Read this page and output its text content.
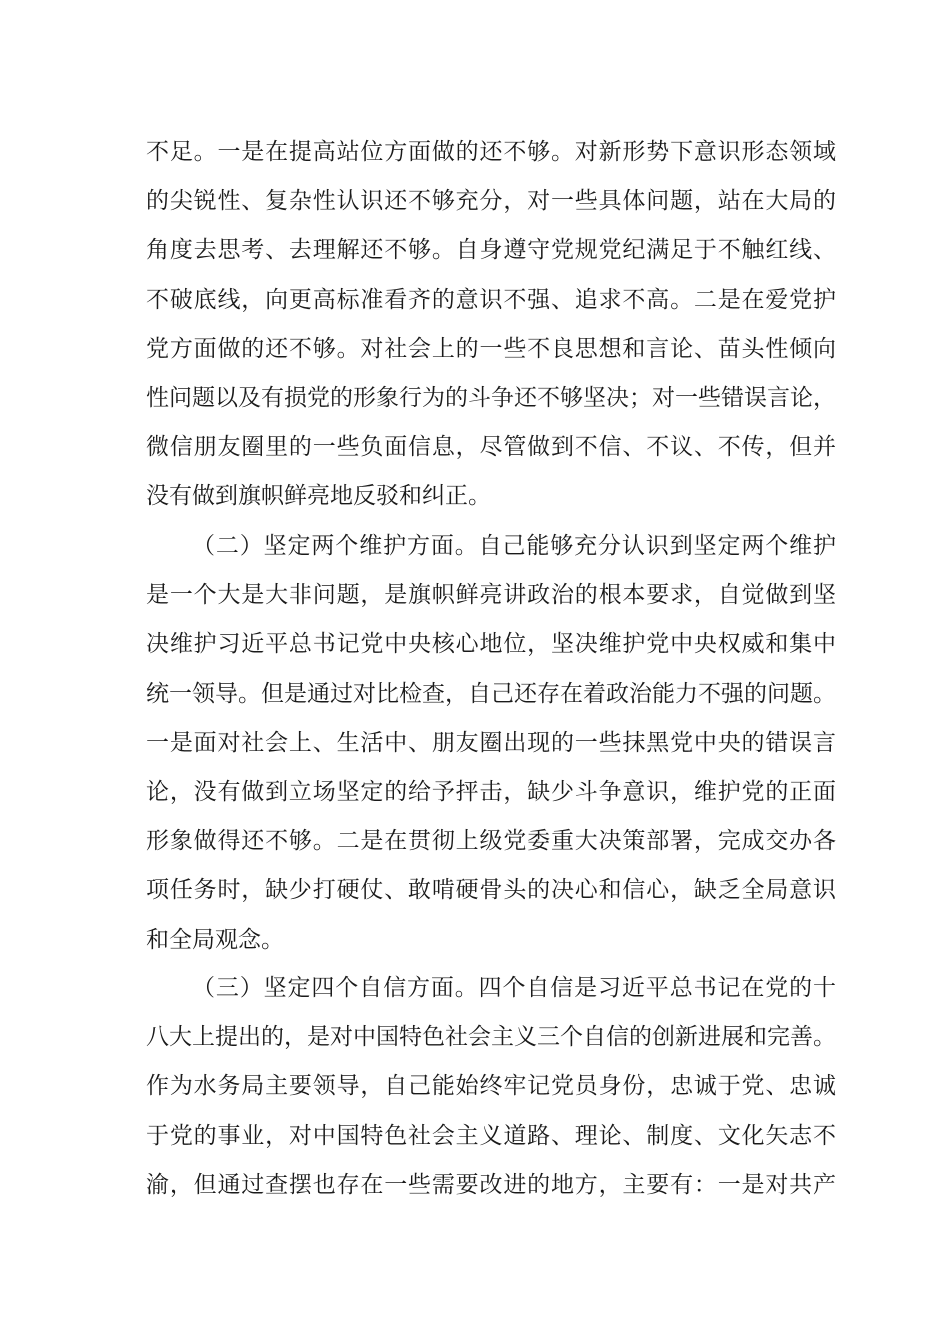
不足。一是在提高站位方面做的还不够。对新形势下意识形态领域
的尖锐性、复杂性认识还不够充分，对一些具体问题，站在大局的
角度去思考、去理解还不够。自身遵守党规党纪满足于不触红线、
不破底线，向更高标准看齐的意识不强、追求不高。二是在爱党护
党方面做的还不够。对社会上的一些不良思想和言论、苗头性倾向
性问题以及有损党的形象行为的斗争还不够坚决；对一些错误言论，
微信朋友圈里的一些负面信息，尽管做到不信、不议、不传，但并
没有做到旗帜鲜亮地反驳和纠正。
（二）坚定两个维护方面。自己能够充分认识到坚定两个维护
是一个大是大非问题，是旗帜鲜亮讲政治的根本要求，自觉做到坚
决维护习近平总书记党中央核心地位，坚决维护党中央权威和集中
统一领导。但是通过对比检查，自己还存在着政治能力不强的问题。
一是面对社会上、生活中、朋友圈出现的一些抹黑党中央的错误言
论，没有做到立场坚定的给予抨击，缺少斗争意识，维护党的正面
形象做得还不够。二是在贯彻上级党委重大决策部署，完成交办各
项任务时，缺少打硬仗、敢啃硬骨头的决心和信心，缺乏全局意识
和全局观念。
（三）坚定四个自信方面。四个自信是习近平总书记在党的十
八大上提出的，是对中国特色社会主义三个自信的创新进展和完善。
作为水务局主要领导，自己能始终牢记党员身份，忠诚于党、忠诚
于党的事业，对中国特色社会主义道路、理论、制度、文化矢志不
渝，但通过查摆也存在一些需要改进的地方，主要有：一是对共产
